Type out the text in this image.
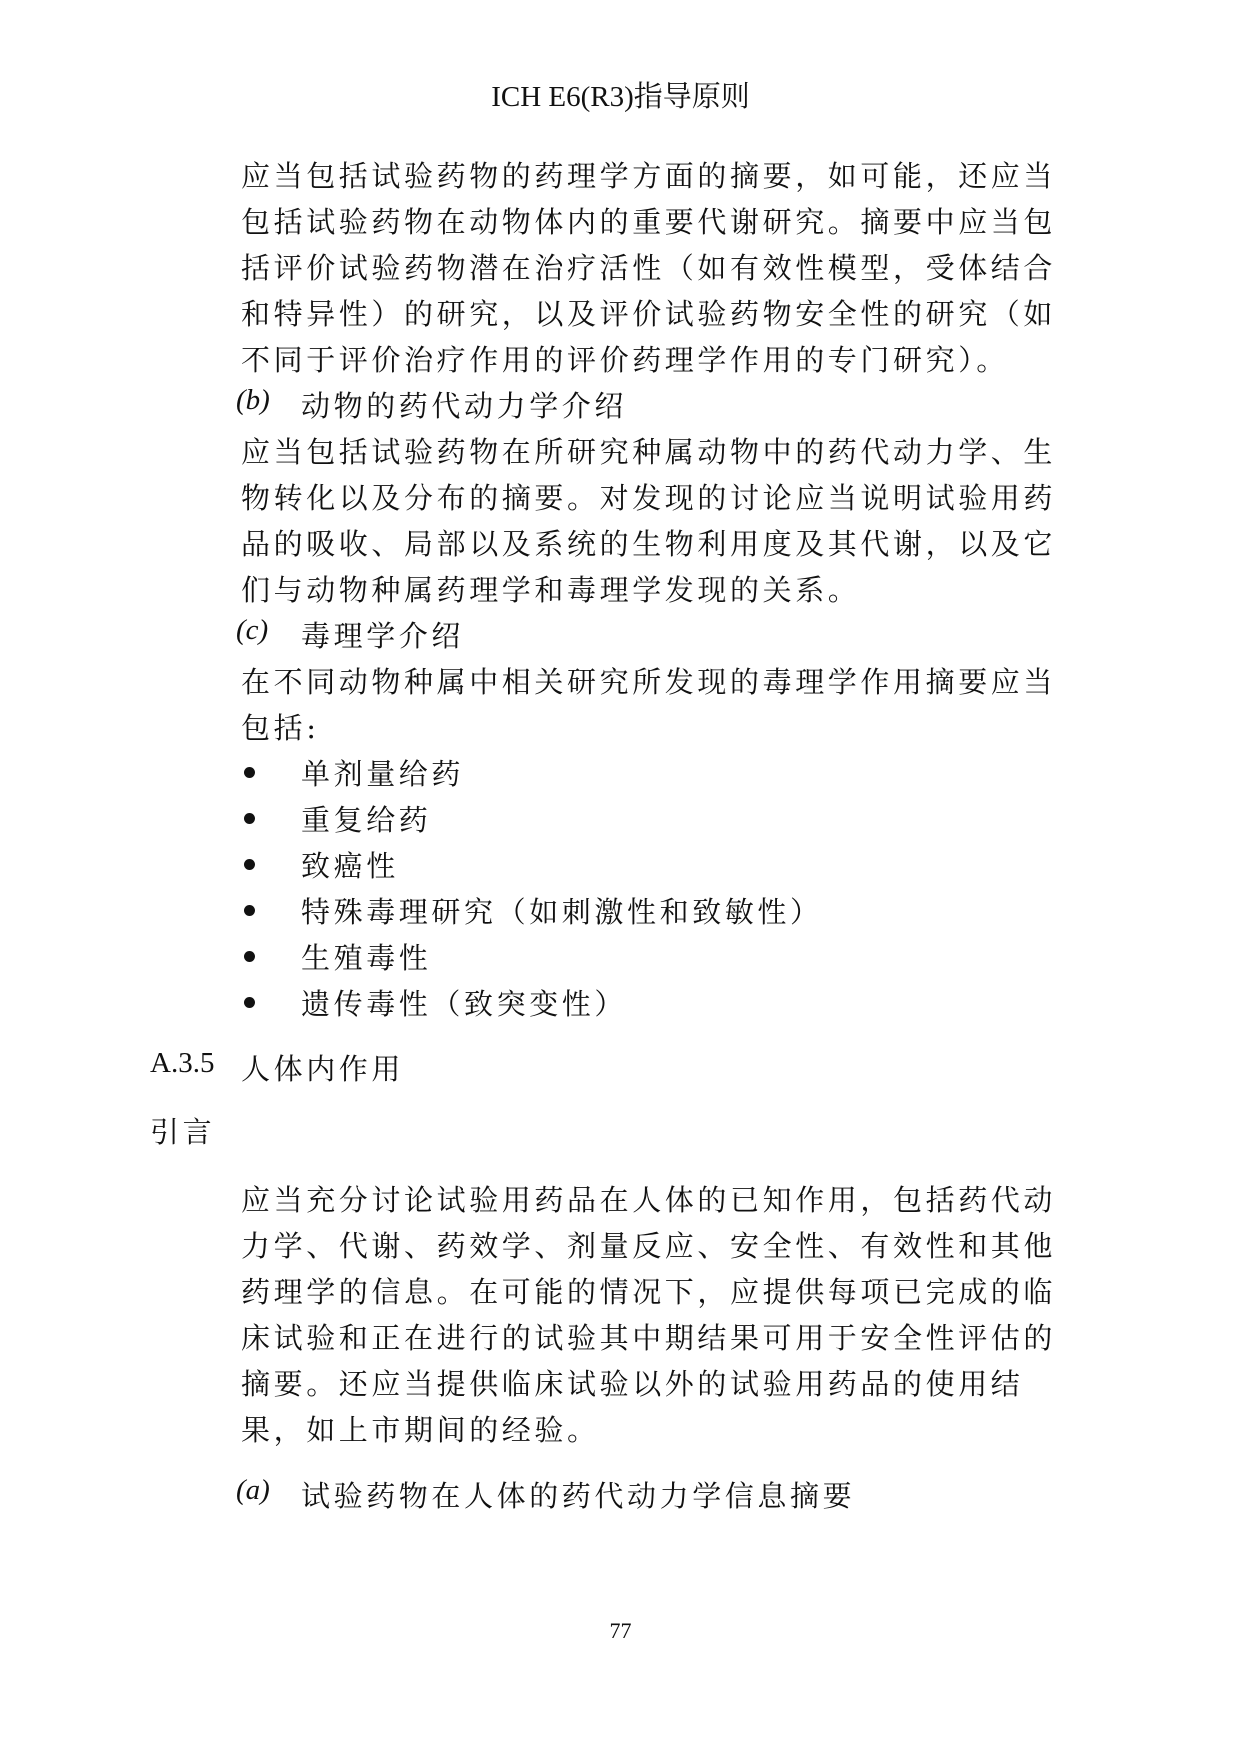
ICH E6(R3)指导原则
应当包括试验药物的药理学方面的摘要，如可能，还应当
包括试验药物在动物体内的重要代谢研究。摘要中应当包
括评价试验药物潜在治疗活性（如有效性模型，受体结合
和特异性）的研究，以及评价试验药物安全性的研究（如
不同于评价治疗作用的评价药理学作用的专门研究）。
(b) 动物的药代动力学介绍
应当包括试验药物在所研究种属动物中的药代动力学、生
物转化以及分布的摘要。对发现的讨论应当说明试验用药
品的吸收、局部以及系统的生物利用度及其代谢，以及它
们与动物种属药理学和毒理学发现的关系。
(c) 毒理学介绍
在不同动物种属中相关研究所发现的毒理学作用摘要应当
包括:
单剂量给药
重复给药
致癌性
特殊毒理研究（如刺激性和致敏性）
生殖毒性
遗传毒性（致突变性）
A.3.5 人体内作用
引言
应当充分讨论试验用药品在人体的已知作用，包括药代动
力学、代谢、药效学、剂量反应、安全性、有效性和其他
药理学的信息。在可能的情况下，应提供每项已完成的临
床试验和正在进行的试验其中期结果可用于安全性评估的
摘要。还应当提供临床试验以外的试验用药品的使用结
果，如上市期间的经验。
(a) 试验药物在人体的药代动力学信息摘要
77
